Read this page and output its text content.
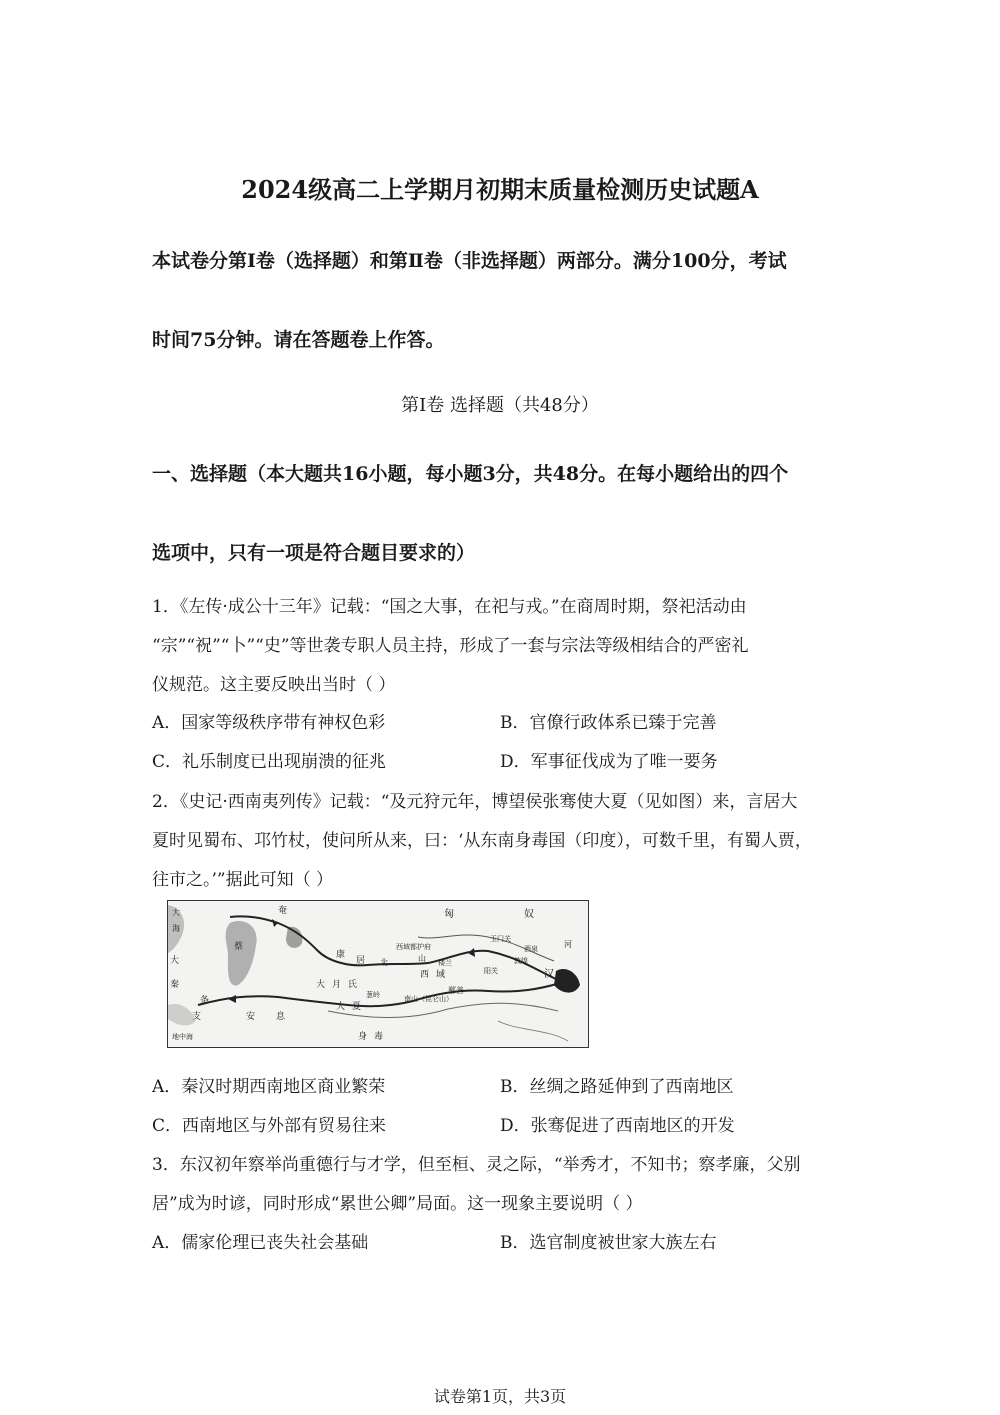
2024级高二上学期月初期末质量检测历史试题A
本试卷分第Ⅰ卷（选择题）和第Ⅱ卷（非选择题）两部分。满分100分，考试
时间75分钟。请在答题卷上作答。
第Ⅰ卷 选择题（共48分）
一、选择题（本大题共16小题，每小题3分，共48分。在每小题给出的四个
选项中，只有一项是符合题目要求的）
1．《左传·成公十三年》记载：“国之大事，在祀与戎。”在商周时期，祭祀活动由
“宗”“祝”“卜”“史”等世袭专职人员主持，形成了一套与宗法等级相结合的严密礼
仪规范。这主要反映出当时（ ）
A．国家等级秩序带有神权色彩	B．官僚行政体系已臻于完善
C．礼乐制度已出现崩溃的征兆	D．军事征伐成为了唯一要务
2．《史记·西南夷列传》记载：“及元狩元年，博望侯张骞使大夏（见如图）来，言居大
夏时见蜀布、邛竹杖，使问所从来，曰：‘从东南身毒国（印度），可数千里，有蜀人贾，
往市之。’”据此可知（ ）
奄
蔡
康
居
匈	奴
大
海
大
秦
条
支	安 息
大 月 氏
大 夏
身 毒
北	山
西 域
西域都护府
玉门关
酒泉
阳关
敦煌
南山（昆仑山）
楼兰
鄯善
河
汉
葱岭
地中海
A．秦汉时期西南地区商业繁荣	B．丝绸之路延伸到了西南地区
C．西南地区与外部有贸易往来	D．张骞促进了西南地区的开发
3．东汉初年察举尚重德行与才学，但至桓、灵之际，“举秀才，不知书；察孝廉，父别
居”成为时谚，同时形成“累世公卿”局面。这一现象主要说明（ ）
A．儒家伦理已丧失社会基础	B．选官制度被世家大族左右
试卷第1页，共3页
